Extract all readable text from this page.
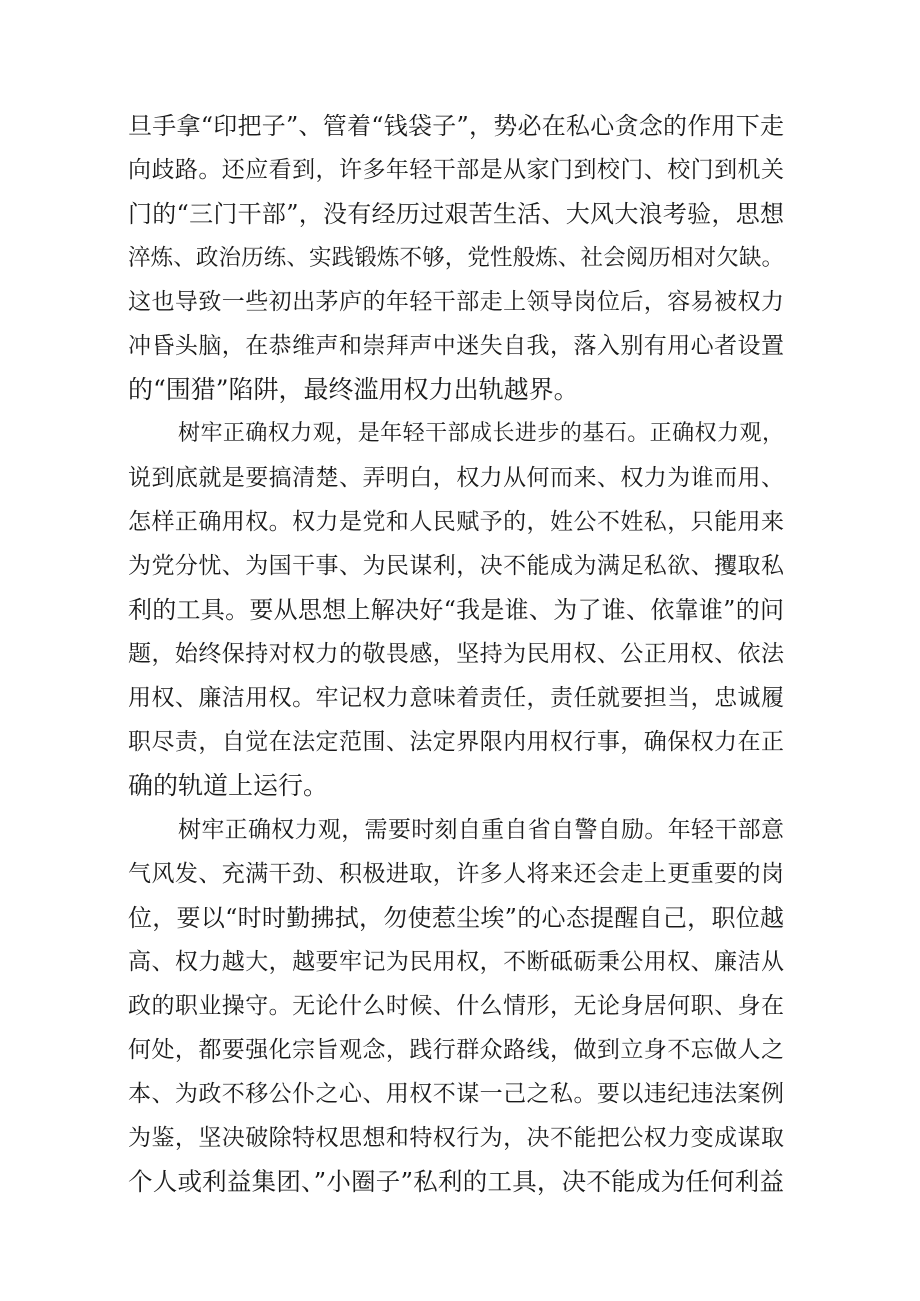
旦手拿“印把子”、管着“钱袋子”，势必在私心贪念的作用下走
向歧路。还应看到，许多年轻干部是从家门到校门、校门到机关
门的“三门干部”，没有经历过艰苦生活、大风大浪考验，思想
淬炼、政治历练、实践锻炼不够，党性般炼、社会阅历相对欠缺。
这也导致一些初出茅庐的年轻干部走上领导岗位后，容易被权力
冲昏头脑，在恭维声和崇拜声中迷失自我，落入别有用心者设置
的“围猎”陷阱，最终滥用权力出轨越界。
树牢正确权力观，是年轻干部成长进步的基石。正确权力观，
说到底就是要搞清楚、弄明白，权力从何而来、权力为谁而用、
怎样正确用权。权力是党和人民赋予的，姓公不姓私，只能用来
为党分忧、为国干事、为民谋利，决不能成为满足私欲、攫取私
利的工具。要从思想上解决好“我是谁、为了谁、依靠谁”的问
题，始终保持对权力的敬畏感，坚持为民用权、公正用权、依法
用权、廉洁用权。牢记权力意味着责任，责任就要担当，忠诚履
职尽责，自觉在法定范围、法定界限内用权行事，确保权力在正
确的轨道上运行。
树牢正确权力观，需要时刻自重自省自警自励。年轻干部意
气风发、充满干劲、积极进取，许多人将来还会走上更重要的岗
位，要以“时时勤拂拭，勿使惹尘埃”的心态提醒自己，职位越
高、权力越大，越要牢记为民用权，不断砥砺秉公用权、廉洁从
政的职业操守。无论什么时候、什么情形，无论身居何职、身在
何处，都要强化宗旨观念，践行群众路线，做到立身不忘做人之
本、为政不移公仆之心、用权不谋一己之私。要以违纪违法案例
为鉴，坚决破除特权思想和特权行为，决不能把公权力变成谋取
个人或利益集团、”小圈子”私利的工具，决不能成为任何利益
